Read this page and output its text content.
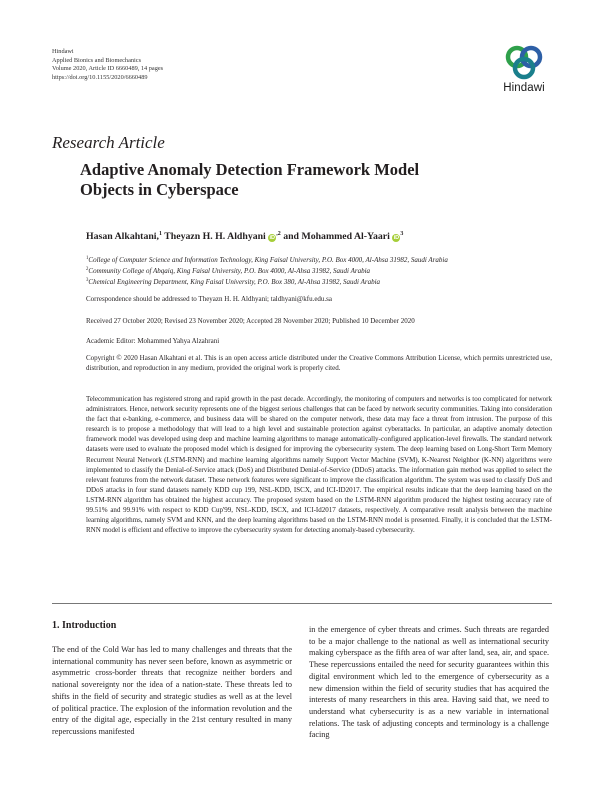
Hindawi
Applied Bionics and Biomechanics
Volume 2020, Article ID 6660489, 14 pages
https://doi.org/10.1155/2020/6660489
Hindawi
Research Article
Adaptive Anomaly Detection Framework Model
Objects in Cyberspace
Hasan Alkahtani,$^1$ Theyazn H. H. Aldhyani $iD^{,2}$ and Mohammed Al-Yaari $iD^3$
$^1$College of Computer Science and Information Technology, King Faisal University, P.O. Box 4000, Al-Ahsa 31982, Saudi Arabia
$^2$Community College of Abqaiq, King Faisal University, P.O. Box 4000, Al-Ahsa 31982, Saudi Arabia
$^3$Chemical Engineering Department, King Faisal University, P.O. Box 380, Al-Ahsa 31982, Saudi Arabia
Correspondence should be addressed to Theyazn H. H. Aldhyani; taldhyani@kfu.edu.sa
Received 27 October 2020; Revised 23 November 2020; Accepted 28 November 2020; Published 10 December 2020
Academic Editor: Mohammed Yahya Alzahrani
Copyright © 2020 Hasan Alkahtani et al. This is an open access article distributed under the Creative Commons Attribution License, which permits unrestricted use, distribution, and reproduction in any medium, provided the original work is properly cited.
Telecommunication has registered strong and rapid growth in the past decade. Accordingly, the monitoring of computers and networks is too complicated for network administrators. Hence, network security represents one of the biggest serious challenges that can be faced by network security communities. Taking into consideration the fact that e-banking, e-commerce, and business data will be shared on the computer network, these data may face a threat from intrusion. The purpose of this research is to propose a methodology that will lead to a high level and sustainable protection against cyberattacks. In particular, an adaptive anomaly detection framework model was developed using deep and machine learning algorithms to manage automatically-configured application-level firewalls. The standard network datasets were used to evaluate the proposed model which is designed for improving the cybersecurity system. The deep learning based on Long-Short Term Memory Recurrent Neural Network (LSTM-RNN) and machine learning algorithms namely Support Vector Machine (SVM), K-Nearest Neighbor (K-NN) algorithms were implemented to classify the Denial-of-Service attack (DoS) and Distributed Denial-of-Service (DDoS) attacks. The information gain method was applied to select the relevant features from the network dataset. These network features were significant to improve the classification algorithm. The system was used to classify DoS and DDoS attacks in four stand datasets namely KDD cup 199, NSL-KDD, ISCX, and ICI-ID2017. The empirical results indicate that the deep learning based on the LSTM-RNN algorithm has obtained the highest accuracy. The proposed system based on the LSTM-RNN algorithm produced the highest testing accuracy rate of 99.51% and 99.91% with respect to KDD Cup'99, NSL-KDD, ISCX, and ICI-Id2017 datasets, respectively. A comparative result analysis between the machine learning algorithms, namely SVM and KNN, and the deep learning algorithms based on the LSTM-RNN model is presented. Finally, it is concluded that the LSTM-RNN model is efficient and effective to improve the cybersecurity system for detecting anomaly-based cybersecurity.
1. Introduction
The end of the Cold War has led to many challenges and threats that the international community has never seen before, known as asymmetric or asymmetric cross-border threats that recognize neither borders and national sovereignty nor the idea of a nation-state. These threats led to shifts in the field of security and strategic studies as well as at the level of political practice. The explosion of the information revolution and the entry of the digital age, especially in the 21st century resulted in many repercussions manifested
in the emergence of cyber threats and crimes. Such threats are regarded to be a major challenge to the national as well as international security making cyberspace as the fifth area of war after land, sea, air, and space. These repercussions entailed the need for security guarantees within this digital environment which led to the emergence of cybersecurity as a new dimension within the field of security studies that has acquired the interests of many researchers in this area. Having said that, we need to understand what cybersecurity is as a new variable in international relations. The task of adjusting concepts and terminology is a challenge facing
